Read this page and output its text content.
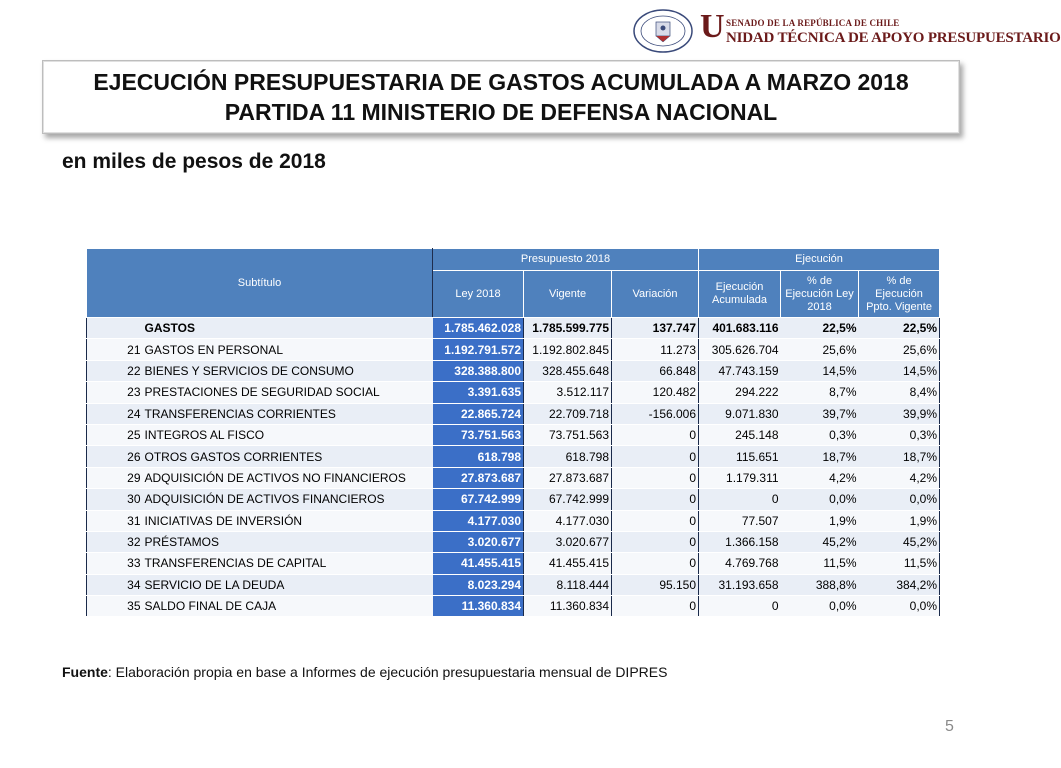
U SENADO DE LA REPÚBLICA DE CHILE
NIDAD TÉCNICA DE APOYO PRESUPUESTARIO
EJECUCIÓN PRESUPUESTARIA DE GASTOS ACUMULADA A MARZO 2018
PARTIDA 11 MINISTERIO DE DEFENSA NACIONAL
en miles de pesos de 2018
Subtítulo		Presupuesto 2018			Ejecución		
		Ley 2018	Vigente	Variación	Ejecución Acumulada	% de Ejecución Ley 2018	% de Ejecución Ppto. Vigente
	GASTOS	1.785.462.028	1.785.599.775	137.747	401.683.116	22,5%	22,5%
21	GASTOS EN PERSONAL	1.192.791.572	1.192.802.845	11.273	305.626.704	25,6%	25,6%
22	BIENES Y SERVICIOS DE CONSUMO	328.388.800	328.455.648	66.848	47.743.159	14,5%	14,5%
23	PRESTACIONES DE SEGURIDAD SOCIAL	3.391.635	3.512.117	120.482	294.222	8,7%	8,4%
24	TRANSFERENCIAS CORRIENTES	22.865.724	22.709.718	-156.006	9.071.830	39,7%	39,9%
25	INTEGROS AL FISCO	73.751.563	73.751.563	0	245.148	0,3%	0,3%
26	OTROS GASTOS CORRIENTES	618.798	618.798	0	115.651	18,7%	18,7%
29	ADQUISICIÓN DE ACTIVOS NO FINANCIEROS	27.873.687	27.873.687	0	1.179.311	4,2%	4,2%
30	ADQUISICIÓN DE ACTIVOS FINANCIEROS	67.742.999	67.742.999	0	0	0,0%	0,0%
31	INICIATIVAS DE INVERSIÓN	4.177.030	4.177.030	0	77.507	1,9%	1,9%
32	PRÉSTAMOS	3.020.677	3.020.677	0	1.366.158	45,2%	45,2%
33	TRANSFERENCIAS DE CAPITAL	41.455.415	41.455.415	0	4.769.768	11,5%	11,5%
34	SERVICIO DE LA DEUDA	8.023.294	8.118.444	95.150	31.193.658	388,8%	384,2%
35	SALDO FINAL DE CAJA	11.360.834	11.360.834	0	0	0,0%	0,0%
Fuente: Elaboración propia en base a Informes de ejecución presupuestaria mensual de DIPRES
5
